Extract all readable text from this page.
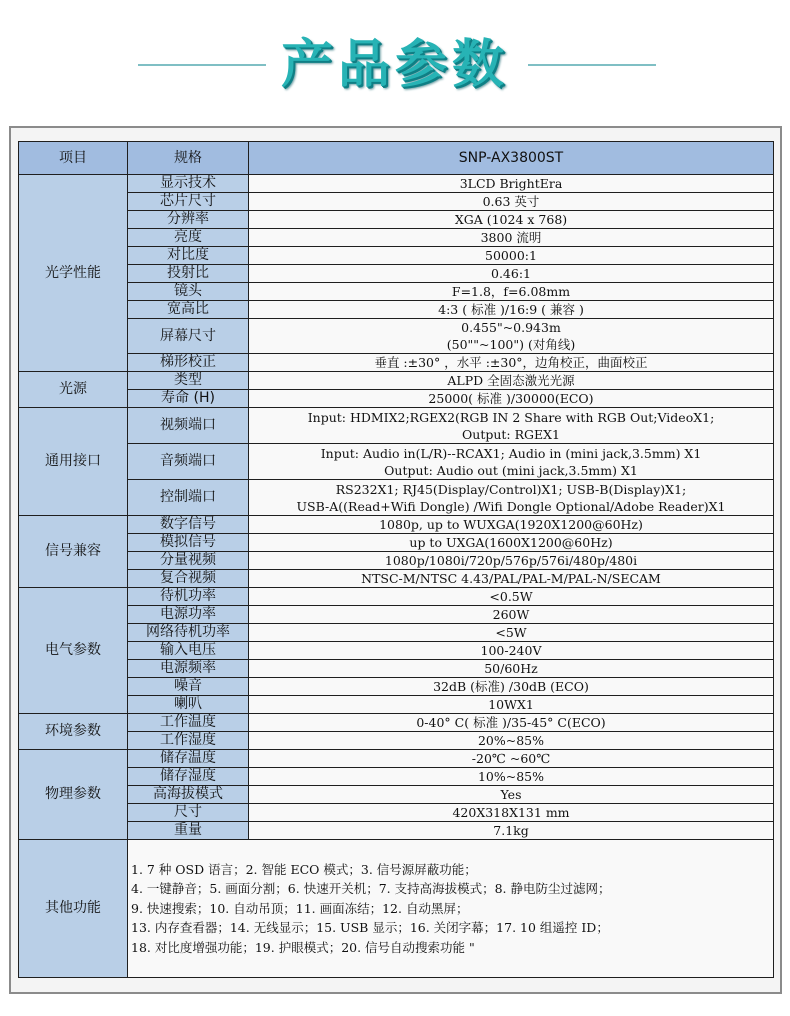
产品参数
项目	规格	SNP-AX3800ST
光学性能	显示技术	3LCD BrightEra

	芯片尺寸	0.63 英寸

	分辨率	XGA (1024 x 768)

	亮度	3800 流明

	对比度	50000:1

	投射比	0.46:1

	镜头	F=1.8，f=6.08mm

	宽高比	4:3 ( 标准 )/16:9 ( 兼容 )

	屏幕尺寸	0.455"~0.943m
(50""~100") (对角线)

	梯形校正	垂直 :±30° ，水平 :±30°，边角校正，曲面校正

光源	类型	ALPD 全固态激光光源

	寿命 (H)	25000( 标准 )/30000(ECO)

通用接口	视频端口	Input: HDMIX2;RGEX2(RGB IN 2 Share with RGB Out;VideoX1;
Output: RGEX1

	音频端口	Input: Audio in(L/R)--RCAX1; Audio in (mini jack,3.5mm) X1
Output: Audio out (mini jack,3.5mm) X1

	控制端口	RS232X1; RJ45(Display/Control)X1; USB-B(Display)X1;
USB-A((Read+Wifi Dongle) /Wifi Dongle Optional/Adobe Reader)X1

信号兼容	数字信号	1080p, up to WUXGA(1920X1200@60Hz)

	模拟信号	up to UXGA(1600X1200@60Hz)

	分量视频	1080p/1080i/720p/576p/576i/480p/480i

	复合视频	NTSC-M/NTSC 4.43/PAL/PAL-M/PAL-N/SECAM

电气参数	待机功率	<0.5W

	电源功率	260W

	网络待机功率	<5W

	输入电压	100-240V

	电源频率	50/60Hz

	噪音	32dB (标准) /30dB (ECO)

	喇叭	10WX1

环境参数	工作温度	0-40° C( 标准 )/35-45° C(ECO)

	工作湿度	20%~85%

物理参数	储存温度	-20℃ ~60℃

	储存湿度	10%~85%

	高海拔模式	Yes

	尺寸	420X318X131 mm

	重量	7.1kg

其他功能	1. 7 种 OSD 语言；2. 智能 ECO 模式；3. 信号源屏蔽功能；
4. 一键静音；5. 画面分割；6. 快速开关机；7. 支持高海拔模式；8. 静电防尘过滤网；
9. 快速搜索；10. 自动吊顶；11. 画面冻结；12. 自动黑屏；
13. 内存查看器；14. 无线显示；15. USB 显示；16. 关闭字幕；17. 10 组遥控 ID；
18. 对比度增强功能；19. 护眼模式；20. 信号自动搜索功能 "	
